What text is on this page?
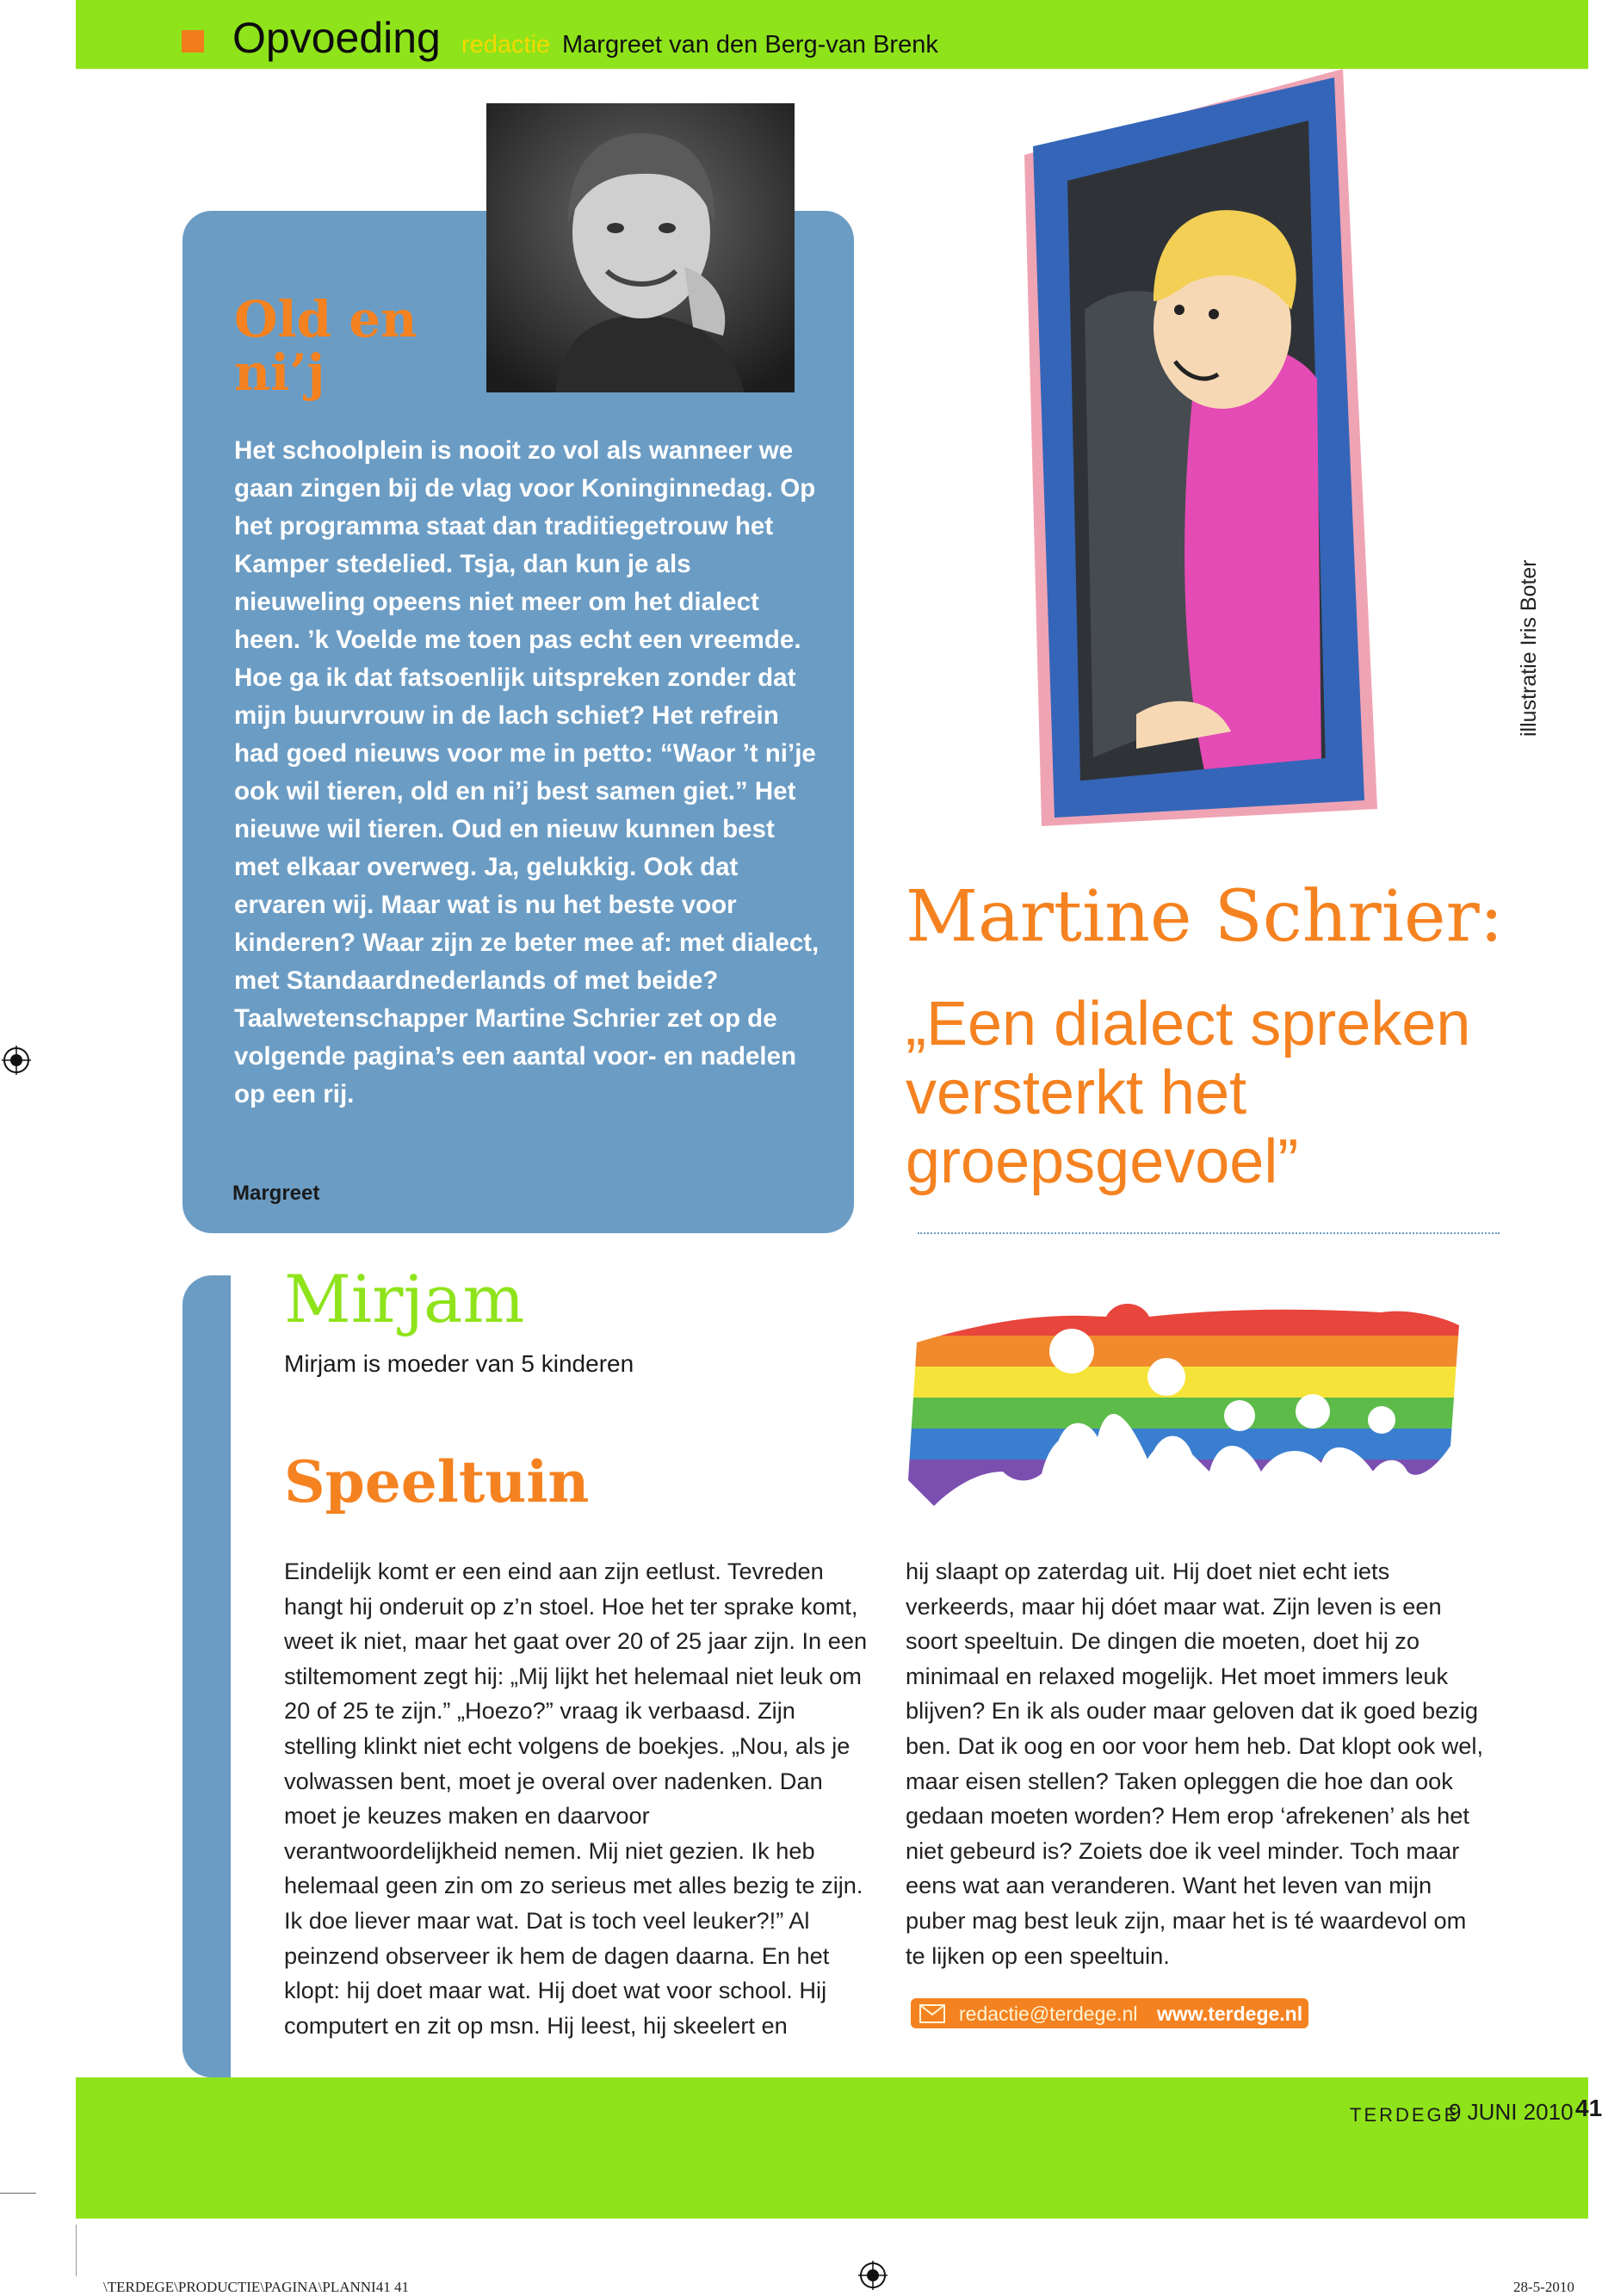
Opvoeding redactie Margreet van den Berg-van Brenk
Old en ni’j
Het schoolplein is nooit zo vol als wanneer we gaan zingen bij de vlag voor Koninginnedag. Op het programma staat dan traditiegetrouw het Kamper stedelied. Tsja, dan kun je als nieuweling opeens niet meer om het dialect heen. ’k Voelde me toen pas echt een vreemde. Hoe ga ik dat fatsoenlijk uitspreken zonder dat mijn buurvrouw in de lach schiet? Het refrein had goed nieuws voor me in petto: “Waor ’t ni’je ook wil tieren, old en ni’j best samen giet.” Het nieuwe wil tieren. Oud en nieuw kunnen best met elkaar overweg. Ja, gelukkig. Ook dat ervaren wij. Maar wat is nu het beste voor kinderen? Waar zijn ze beter mee af: met dialect, met Standaardnederlands of met beide? Taalwetenschapper Martine Schrier zet op de volgende pagina’s een aantal voor- en nadelen op een rij.
Margreet
illustratie Iris Boter
Martine Schrier:
„Een dialect spreken versterkt het groepsgevoel”
Mirjam
Mirjam is moeder van 5 kinderen
Speeltuin
Eindelijk komt er een eind aan zijn eetlust. Tevreden hangt hij onderuit op z’n stoel. Hoe het ter sprake komt, weet ik niet, maar het gaat over 20 of 25 jaar zijn. In een stiltemoment zegt hij: „Mij lijkt het helemaal niet leuk om 20 of 25 te zijn.” „Hoezo?” vraag ik verbaasd. Zijn stelling klinkt niet echt volgens de boekjes. „Nou, als je volwassen bent, moet je overal over nadenken. Dan moet je keuzes maken en daarvoor verantwoordelijkheid nemen. Mij niet gezien. Ik heb helemaal geen zin om zo serieus met alles bezig te zijn. Ik doe liever maar wat. Dat is toch veel leuker?!” Al peinzend observeer ik hem de dagen daarna. En het klopt: hij doet maar wat. Hij doet wat voor school. Hij computert en zit op msn. Hij leest, hij skeelert en
hij slaapt op zaterdag uit. Hij doet niet echt iets verkeerds, maar hij dóet maar wat. Zijn leven is een soort speeltuin. De dingen die moeten, doet hij zo minimaal en relaxed mogelijk. Het moet immers leuk blijven? En ik als ouder maar geloven dat ik goed bezig ben. Dat ik oog en oor voor hem heb. Dat klopt ook wel, maar eisen stellen? Taken opleggen die hoe dan ook gedaan moeten worden? Hem erop ‘afrekenen’ als het niet gebeurd is? Zoiets doe ik veel minder. Toch maar eens wat aan veranderen. Want het leven van mijn puber mag best leuk zijn, maar het is té waardevol om te lijken op een speeltuin.
redactie@terdege.nl www.terdege.nl
TERDEGE
9 JUNI 2010 41
\TERDEGE\PRODUCTIE\PAGINA\PLANNI41 41	28-5-2010
